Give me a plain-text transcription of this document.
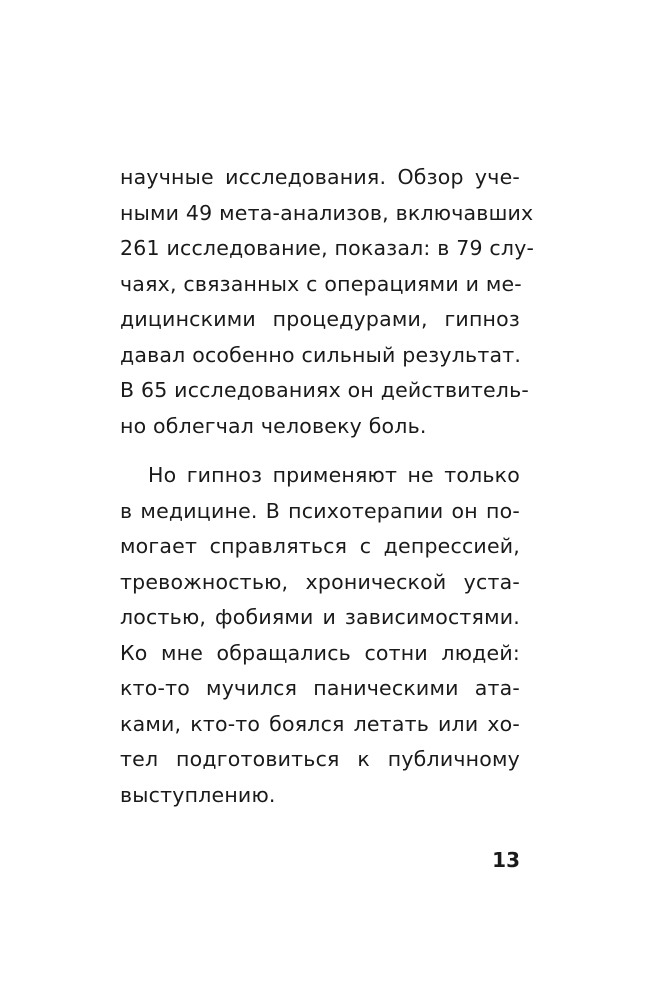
научные исследования. Обзор уче-
ными 49 мета-анализов, включавших
261 исследование, показал: в 79 слу-
чаях, связанных с операциями и ме-
дицинскими процедурами, гипноз
давал особенно сильный результат.
В 65 исследованиях он действитель-
но облегчал человеку боль.
Но гипноз применяют не только
в медицине. В психотерапии он по-
могает справляться с депрессией,
тревожностью, хронической уста-
лостью, фобиями и зависимостями.
Ко мне обращались сотни людей:
кто-то мучился паническими ата-
ками, кто-то боялся летать или хо-
тел подготовиться к публичному
выступлению.
13
